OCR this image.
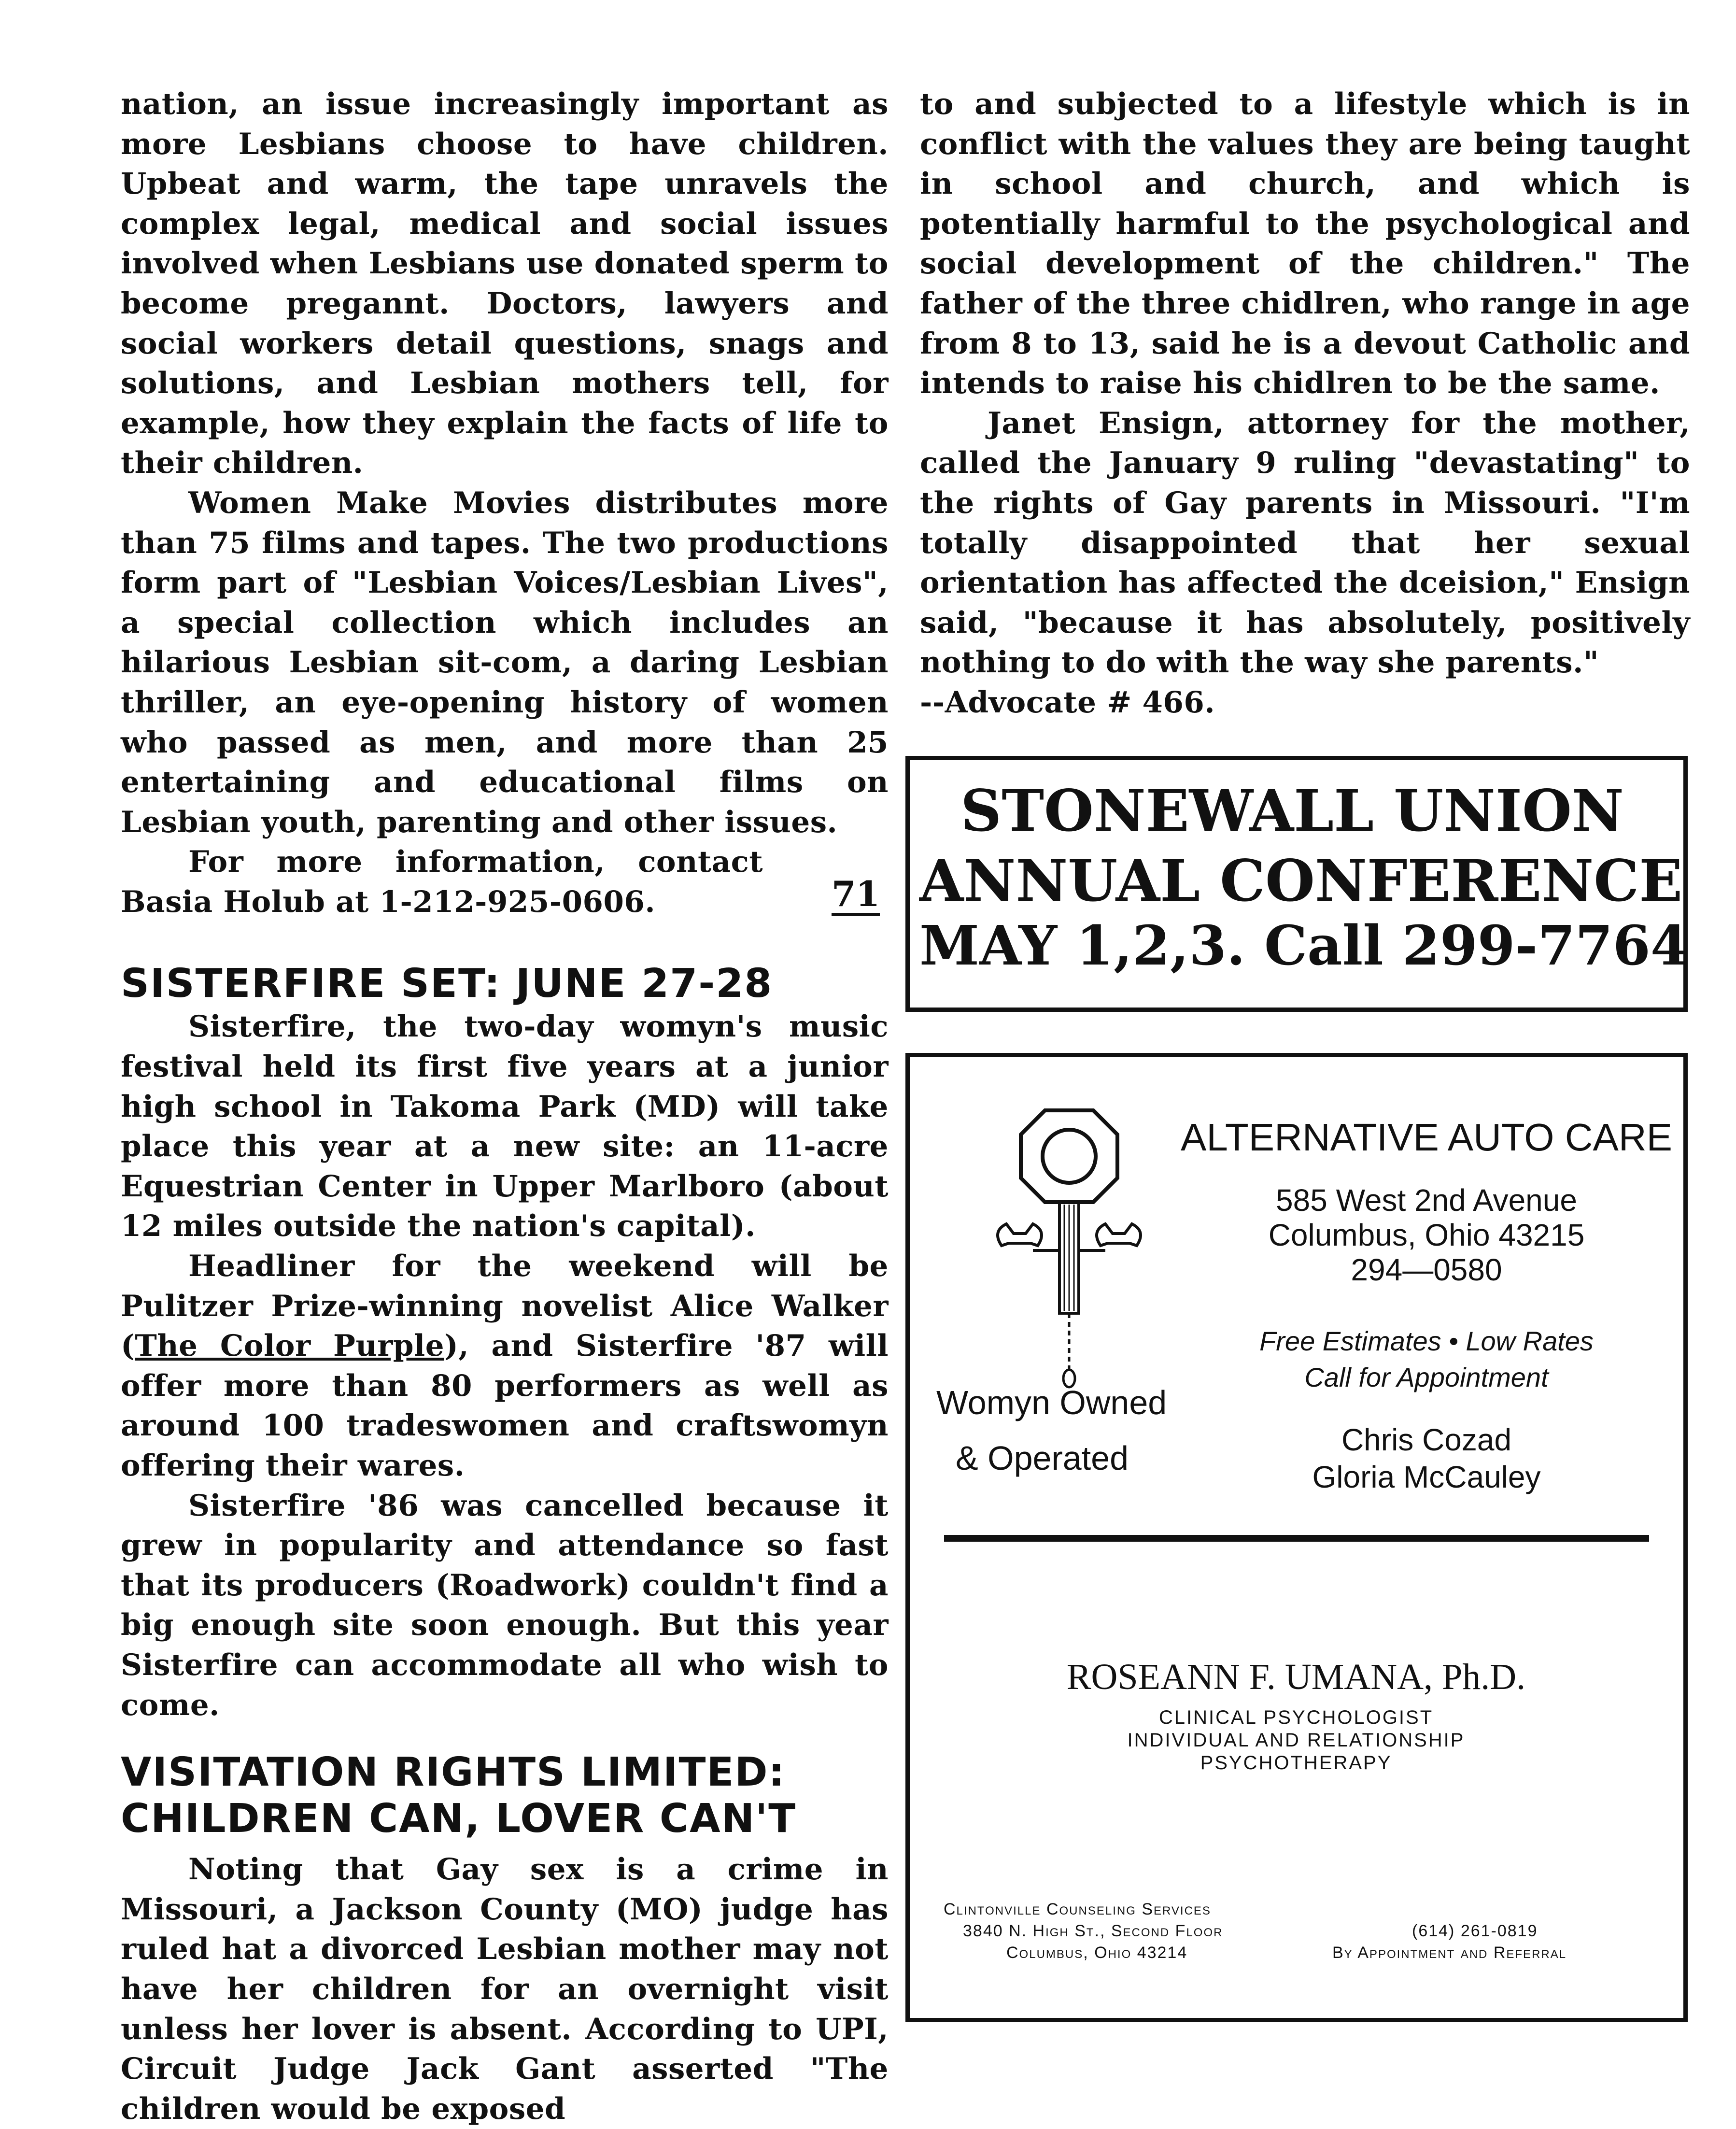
nation, an issue increasingly important as more Lesbians choose to have children. Upbeat and warm, the tape unravels the complex legal, medical and social issues involved when Lesbians use donated sperm to become pregannt. Doctors, lawyers and social workers detail questions, snags and solutions, and Lesbian mothers tell, for example, how they explain the facts of life to their children.

Women Make Movies distributes more than 75 films and tapes. The two productions form part of "Lesbian Voices/Lesbian Lives", a special collection which includes an hilarious Lesbian sit-com, a daring Lesbian thriller, an eye-opening history of women who passed as men, and more than 25 entertaining and educational films on Lesbian youth, parenting and other issues.

For more information, contact Basia Holub at 1-212-925-0606.

SISTERFIRE SET: JUNE 27-28

Sisterfire, the two-day womyn's music festival held its first five years at a junior high school in Takoma Park (MD) will take place this year at a new site: an 11-acre Equestrian Center in Upper Marlboro (about 12 miles outside the nation's capital).

Headliner for the weekend will be Pulitzer Prize-winning novelist Alice Walker (The Color Purple), and Sisterfire '87 will offer more than 80 performers as well as around 100 tradeswomen and craftswomyn offering their wares.

Sisterfire '86 was cancelled because it grew in popularity and attendance so fast that its producers (Roadwork) couldn't find a big enough site soon enough. But this year Sisterfire can accommodate all who wish to come.

VISITATION RIGHTS LIMITED:
CHILDREN CAN, LOVER CAN'T

Noting that Gay sex is a crime in Missouri, a Jackson County (MO) judge has ruled hat a divorced Lesbian mother may not have her children for an overnight visit unless her lover is absent. According to UPI, Circuit Judge Jack Gant asserted "The children would be exposed

71

to and subjected to a lifestyle which is in conflict with the values they are being taught in school and church, and which is potentially harmful to the psychological and social development of the children." The father of the three chidlren, who range in age from 8 to 13, said he is a devout Catholic and intends to raise his chidlren to be the same.

Janet Ensign, attorney for the mother, called the January 9 ruling "devastating" to the rights of Gay parents in Missouri. "I'm totally disappointed that her sexual orientation has affected the dceision," Ensign said, "because it has absolutely, positively nothing to do with the way she parents."

--Advocate # 466.

STONEWALL UNION
ANNUAL CONFERENCE
MAY 1,2,3. Call 299-7764
ALTERNATIVE AUTO CARE
585 West 2nd Avenue
Columbus, Ohio 43215
294—0580
Free Estimates • Low Rates
Call for Appointment
Womyn Owned
& Operated	Chris Cozad
Gloria McCauley
ROSEANN F. UMANA, Ph.D.
CLINICAL PSYCHOLOGIST
INDIVIDUAL AND RELATIONSHIP
PSYCHOTHERAPY
Clintonville Counseling Services
3840 N. High St., Second Floor
Columbus, Ohio 43214
(614) 261-0819
By Appointment and Referral
